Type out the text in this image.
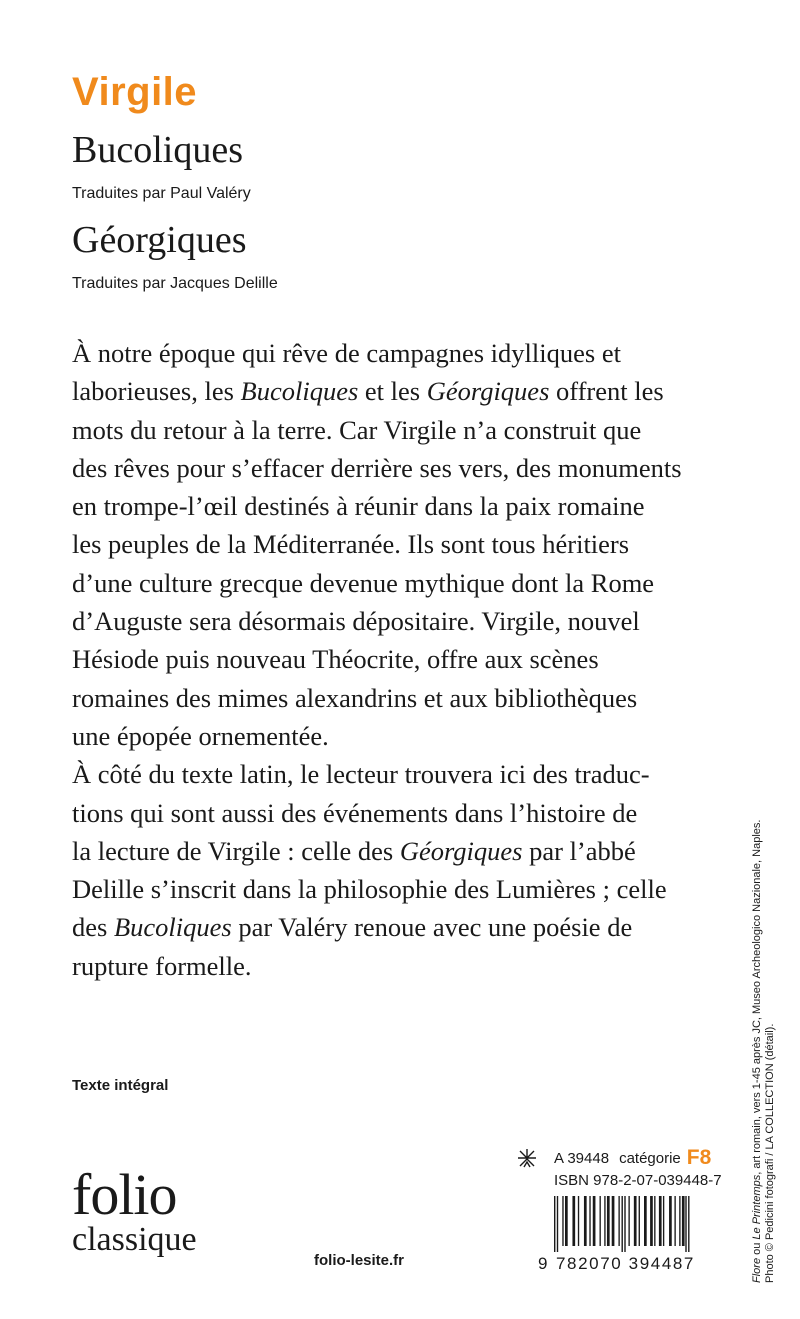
Virgile
Bucoliques
Traduites par Paul Valéry
Géorgiques
Traduites par Jacques Delille

À notre époque qui rêve de campagnes idylliques et
laborieuses, les Bucoliques et les Géorgiques offrent les
mots du retour à la terre. Car Virgile n’a construit que
des rêves pour s’effacer derrière ses vers, des monuments
en trompe-l’œil destinés à réunir dans la paix romaine
les peuples de la Méditerranée. Ils sont tous héritiers
d’une culture grecque devenue mythique dont la Rome
d’Auguste sera désormais dépositaire. Virgile, nouvel
Hésiode puis nouveau Théocrite, offre aux scènes
romaines des mimes alexandrins et aux bibliothèques
une épopée ornementée.

À côté du texte latin, le lecteur trouvera ici des traduc-
tions qui sont aussi des événements dans l’histoire de
la lecture de Virgile : celle des Géorgiques par l’abbé
Delille s’inscrit dans la philosophie des Lumières ; celle
des Bucoliques par Valéry renoue avec une poésie de
rupture formelle.

Texte intégral
folio
classique
folio-lesite.fr
A 39448 catégorie F8
ISBN 978-2-07-039448-7
9 782070 394487	Flore ou Le Printemps, art romain, vers 1-45 après JC, Museo Archeologico Nazionale, Naples. Photo © Pedicini fotografi / LA COLLECTION (détail).
